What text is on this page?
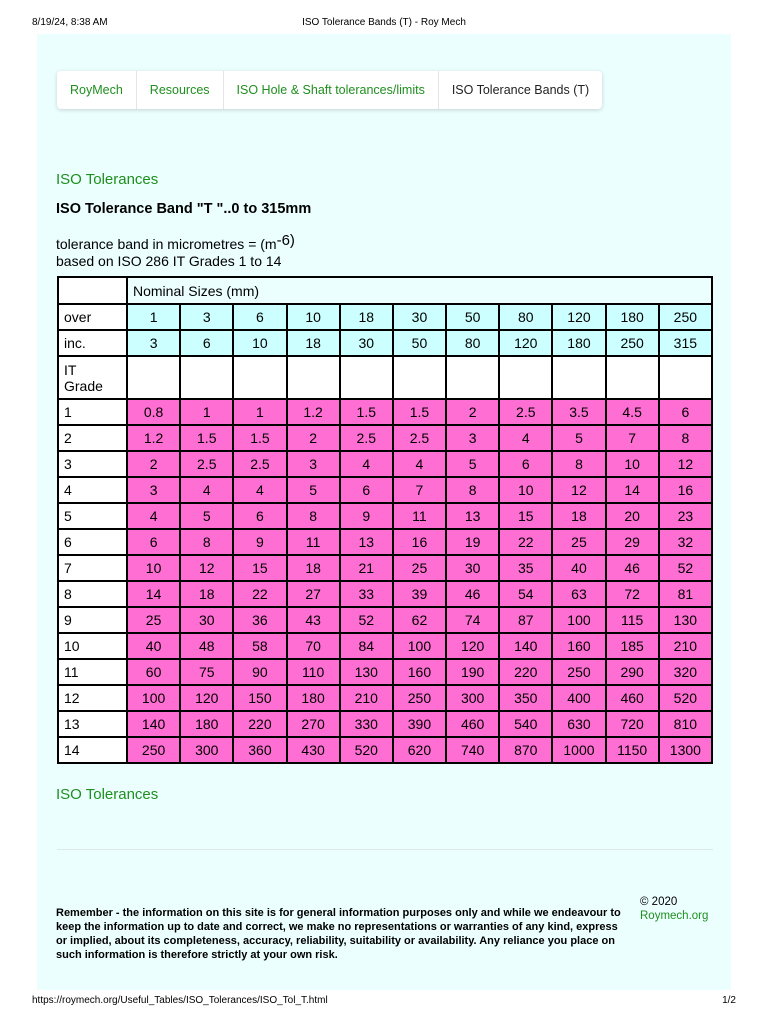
8/19/24, 8:38 AM	ISO Tolerance Bands (T) - Roy Mech
RoyMech	Resources	ISO Hole & Shaft tolerances/limits	ISO Tolerance Bands (T)
ISO Tolerances
ISO Tolerance Band "T "..0 to 315mm
tolerance band in micrometres = ($m^{-6)}$
based on ISO 286 IT Grades 1 to 14
	Nominal Sizes (mm)										
over	1	3	6	10	18	30	50	80	120	180	250
inc.	3	6	10	18	30	50	80	120	180	250	315
IT
Grade											
1	0.8	1	1	1.2	1.5	1.5	2	2.5	3.5	4.5	6
2	1.2	1.5	1.5	2	2.5	2.5	3	4	5	7	8
3	2	2.5	2.5	3	4	4	5	6	8	10	12
4	3	4	4	5	6	7	8	10	12	14	16
5	4	5	6	8	9	11	13	15	18	20	23
6	6	8	9	11	13	16	19	22	25	29	32
7	10	12	15	18	21	25	30	35	40	46	52
8	14	18	22	27	33	39	46	54	63	72	81
9	25	30	36	43	52	62	74	87	100	115	130
10	40	48	58	70	84	100	120	140	160	185	210
11	60	75	90	110	130	160	190	220	250	290	320
12	100	120	150	180	210	250	300	350	400	460	520
13	140	180	220	270	330	390	460	540	630	720	810
14	250	300	360	430	520	620	740	870	1000	1150	1300
ISO Tolerances

Remember - the information on this site is for general information purposes only and while we endeavour to keep the information up to date and correct, we make no representations or warranties of any kind, express or implied, about its completeness, accuracy, reliability, suitability or availability. Any reliance you place on such information is therefore strictly at your own risk.

© 2020
Roymech.org
https://roymech.org/Useful_Tables/ISO_Tolerances/ISO_Tol_T.html	1/2
